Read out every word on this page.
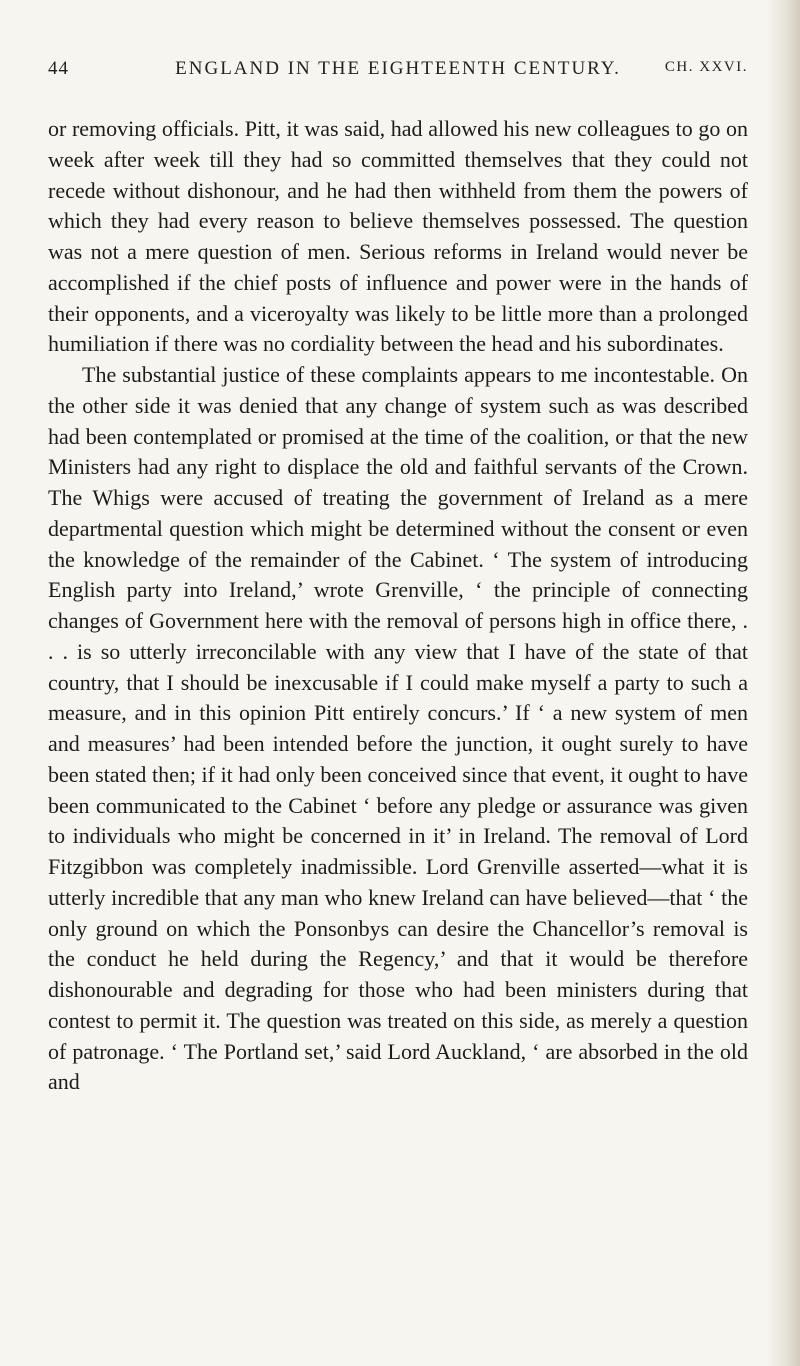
44	ENGLAND IN THE EIGHTEENTH CENTURY.	CH. XXVI.

or removing officials. Pitt, it was said, had allowed his new colleagues to go on week after week till they had so committed themselves that they could not recede without dishonour, and he had then withheld from them the powers of which they had every reason to believe themselves possessed. The question was not a mere question of men. Serious reforms in Ireland would never be accomplished if the chief posts of influence and power were in the hands of their opponents, and a viceroyalty was likely to be little more than a prolonged humiliation if there was no cordiality between the head and his subordinates.

The substantial justice of these complaints appears to me incontestable. On the other side it was denied that any change of system such as was described had been contemplated or promised at the time of the coalition, or that the new Ministers had any right to displace the old and faithful servants of the Crown. The Whigs were accused of treating the government of Ireland as a mere departmental question which might be determined without the consent or even the knowledge of the remainder of the Cabinet. ‘ The system of introducing English party into Ireland,’ wrote Grenville, ‘ the principle of connecting changes of Government here with the removal of persons high in office there, . . . is so utterly irreconcilable with any view that I have of the state of that country, that I should be inexcusable if I could make myself a party to such a measure, and in this opinion Pitt entirely concurs.’ If ‘ a new system of men and measures’ had been intended before the junction, it ought surely to have been stated then; if it had only been conceived since that event, it ought to have been communicated to the Cabinet ‘ before any pledge or assurance was given to individuals who might be concerned in it’ in Ireland. The removal of Lord Fitzgibbon was completely inadmissible. Lord Grenville asserted—what it is utterly incredible that any man who knew Ireland can have believed—that ‘ the only ground on which the Ponsonbys can desire the Chancellor’s removal is the conduct he held during the Regency,’ and that it would be therefore dishonourable and degrading for those who had been ministers during that contest to permit it. The question was treated on this side, as merely a question of patronage. ‘ The Portland set,’ said Lord Auckland, ‘ are absorbed in the old and
